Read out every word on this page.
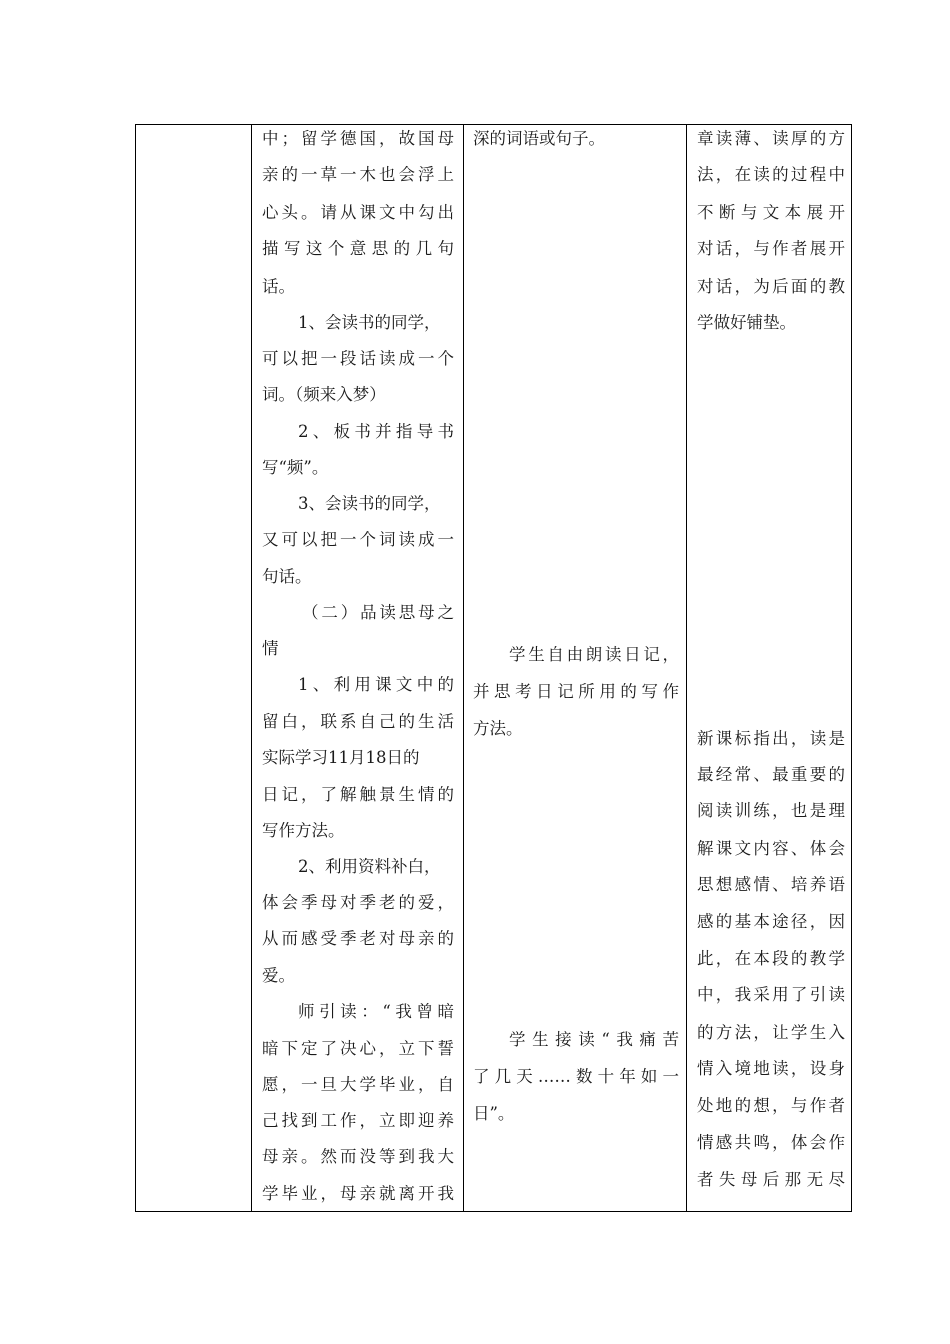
中；留学德国，故国母
亲的一草一木也会浮上
心头。请从课文中勾出
描写这个意思的几句
话。
1、会读书的同学，
可以把一段话读成一个
词。（频来入梦）
2、板书并指导书
写“频”。
3、会读书的同学，
又可以把一个词读成一
句话。
（二）品读思母之
情
1、利用课文中的
留白，联系自己的生活
实际学习11月18日的
日记，了解触景生情的
写作方法。
2、利用资料补白，
体会季母对季老的爱，
从而感受季老对母亲的
爱。
师引读：“我曾暗
暗下定了决心，立下誓
愿，一旦大学毕业，自
己找到工作，立即迎养
母亲。然而没等到我大
学毕业，母亲就离开我
深的词语或句子。
学生自由朗读日记，
并思考日记所用的写作
方法。
学生接读“我痛苦
了几天……数十年如一
日”。
章读薄、读厚的方
法，在读的过程中
不断与文本展开
对话，与作者展开
对话，为后面的教
学做好铺垫。
新课标指出，读是
最经常、最重要的
阅读训练，也是理
解课文内容、体会
思想感情、培养语
感的基本途径，因
此，在本段的教学
中，我采用了引读
的方法，让学生入
情入境地读，设身
处地的想，与作者
情感共鸣，体会作
者失母后那无尽
